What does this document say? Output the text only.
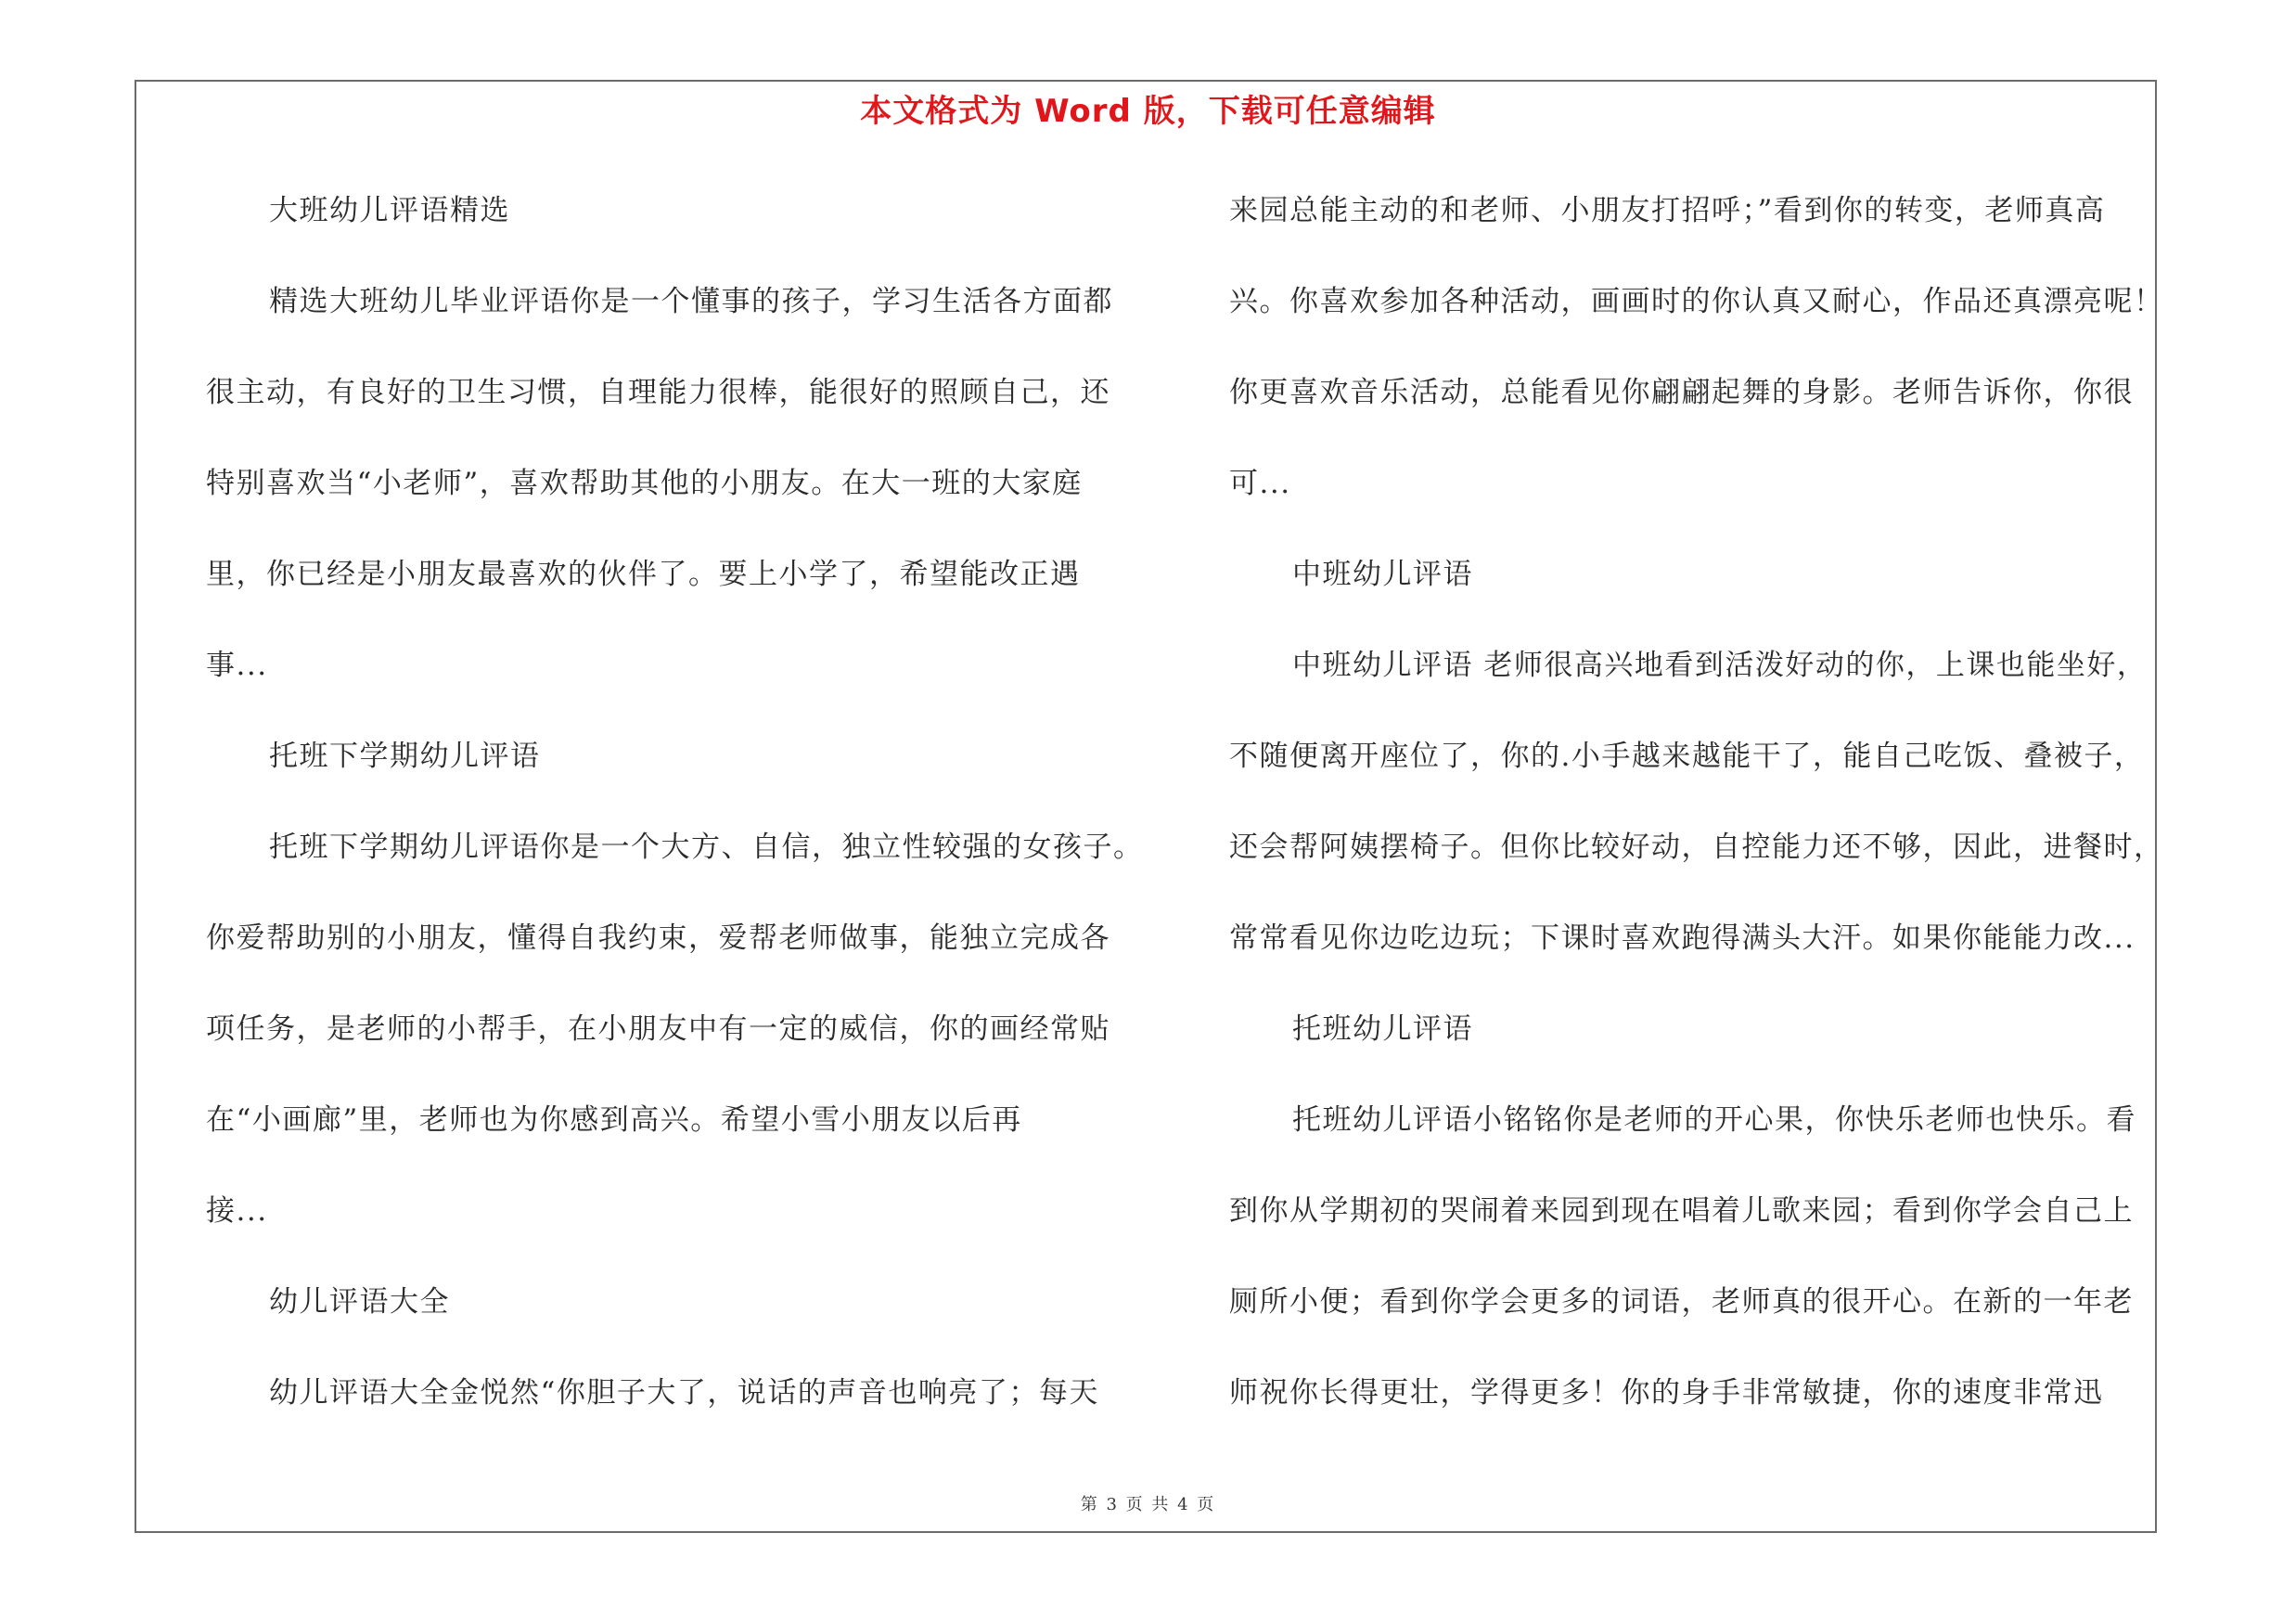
本文格式为 Word 版，下载可任意编辑
大班幼儿评语精选
精选大班幼儿毕业评语你是一个懂事的孩子，学习生活各方面都
很主动，有良好的卫生习惯，自理能力很棒，能很好的照顾自己，还
特别喜欢当“小老师”，喜欢帮助其他的小朋友。在大一班的大家庭
里，你已经是小朋友最喜欢的伙伴了。要上小学了，希望能改正遇
事...
托班下学期幼儿评语
托班下学期幼儿评语你是一个大方、自信，独立性较强的女孩子。
你爱帮助别的小朋友，懂得自我约束，爱帮老师做事，能独立完成各
项任务，是老师的小帮手，在小朋友中有一定的威信，你的画经常贴
在“小画廊”里，老师也为你感到高兴。希望小雪小朋友以后再
接...
幼儿评语大全
幼儿评语大全金悦然“你胆子大了，说话的声音也响亮了；每天
来园总能主动的和老师、小朋友打招呼；”看到你的转变，老师真高
兴。你喜欢参加各种活动，画画时的你认真又耐心，作品还真漂亮呢！
你更喜欢音乐活动，总能看见你翩翩起舞的身影。老师告诉你，你很
可...
中班幼儿评语
中班幼儿评语 老师很高兴地看到活泼好动的你，上课也能坐好，
不随便离开座位了，你的.小手越来越能干了，能自己吃饭、叠被子，
还会帮阿姨摆椅子。但你比较好动，自控能力还不够，因此，进餐时，
常常看见你边吃边玩；下课时喜欢跑得满头大汗。如果你能能力改...
托班幼儿评语
托班幼儿评语小铭铭你是老师的开心果，你快乐老师也快乐。看
到你从学期初的哭闹着来园到现在唱着儿歌来园；看到你学会自己上
厕所小便；看到你学会更多的词语，老师真的很开心。在新的一年老
师祝你长得更壮，学得更多！你的身手非常敏捷，你的速度非常迅
第 3 页 共 4 页
